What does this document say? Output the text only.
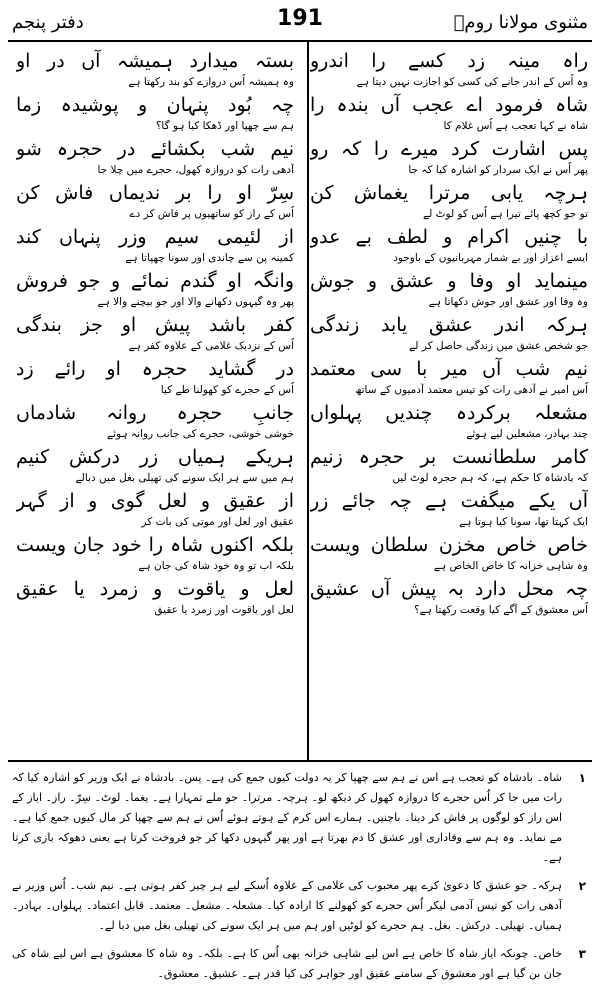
مثنوی مولانا رومؒ
191
دفتر پنجم
راہ مینہ زد کسے را اندرو
وہ اُس کے اندر جانے کی کسی کو اجازت نہیں دیتا ہے
شاہ فرمود اے عجب آں بندہ را
شاہ نے کہا تعجب ہے اُس غلام کا
پس اشارت کرد میرے را کہ رو
پھر اُس نے ایک سردار کو اشارہ کیا کہ جا
ہرچہ یابی مرترا یغماش کن
تو جو کچھ پائے تیرا ہے اُس کو لوٹ لے
با چنیں اکرام و لطف بے عدو
ایسے اعزاز اور بے شمار مہربانیوں کے باوجود
مینماید او وفا و عشق و جوش
وہ وفا اور عشق اور جوش دکھاتا ہے
ہرکہ اندر عشق یابد زندگی
جو شخص عشق میں زندگی حاصل کر لے
نیم شب آں میر با سی معتمد
اُس امیر نے آدھی رات کو تیس معتمد آدمیوں کے ساتھ
مشعلہ برکردہ چندیں پہلواں
چند بہادر، مشعلیں لیے ہوئے
کامر سلطانست بر حجرہ زنیم
کہ بادشاہ کا حکم ہے، کہ ہم حجرہ لوٹ لیں
آں یکے میگفت ہے چہ جائے زر
ایک کہتا تھا، سونا کیا ہوتا ہے
خاص خاص مخزن سلطان ویست
وہ شاہی خزانہ کا خاص الخاص ہے
چہ محل دارد بہ پیش آں عشیق
اُس معشوق کے آگے کیا وقعت رکھتا ہے؟
بستہ میدارد ہمیشہ آں در او
وہ ہمیشہ اُس دروازے کو بند رکھتا ہے
چہ بُود پنہان و پوشیدہ زما
ہم سے چھپا اور ڈھکا کیا ہو گا؟
نیم شب بکشائے در حجرہ شو
آدھی رات کو دروازہ کھول، حجرے میں چلا جا
سِرّ او را بر ندیماں فاش کن
اُس کے راز کو ساتھیوں پر فاش کر دے
از لئیمی سیم وزر پنہاں کند
کمینہ پن سے چاندی اور سونا چھپاتا ہے
وانگہ او گندم نمائے و جو فروش
پھر وہ گیہوں دکھانے والا اور جو بیچنے والا ہے
کفر باشد پیش او جز بندگی
اُس کے نزدیک غلامی کے علاوہ کفر ہے
در گشاید حجرہ او رائے زد
اُس کے حجرے کو کھولنا طے کیا
جانبِ حجرہ روانہ شادماں
خوشی خوشی، حجرے کی جانب روانہ ہوئے
ہریکے ہمیاں زر درکش کنیم
ہم میں سے ہر ایک سونے کی تھیلی بغل میں دبالے
از عقیق و لعل گوی و از گہر
عقیق اور لعل اور موتی کی بات کر
بلکہ اکنوں شاہ را خود جان ویست
بلکہ اب تو وہ خود شاہ کی جان ہے
لعل و یاقوت و زمرد یا عقیق
لعل اور یاقوت اور زمرد یا عقیق
۱
شاہ۔ بادشاہ کو تعجب ہے اس نے ہم سے چھپا کر یہ دولت کیوں جمع کی ہے۔ پس۔ بادشاہ نے ایک وزیر کو اشارہ کیا کہ رات میں جا کر اُس حجرے کا دروازہ کھول کر دیکھ لو۔ ہرچہ۔ مرترا۔ جو ملے تمہارا ہے۔ یغما۔ لوٹ۔ سِرّ۔ راز۔ ایاز کے اس راز کو لوگوں پر فاش کر دینا۔ باچنیں۔ ہمارے اس کرم کے ہوتے ہوئے اُس نے ہم سے چھپا کر مال کیوں جمع کیا ہے۔ مے نماید۔ وہ ہم سے وفاداری اور عشق کا دم بھرتا ہے اور پھر گیہوں دکھا کر جو فروخت کرتا ہے یعنی دھوکہ بازی کرتا ہے۔
۲
ہرکہ۔ جو عشق کا دعویٰ کرے پھر محبوب کی غلامی کے علاوہ اُسکے لیے ہر چیز کفر ہوتی ہے۔ نیم شب۔ اُس وزیر نے آدھی رات کو تیس آدمی لیکر اُس حجرے کو کھولنے کا ارادہ کیا۔ مشعلہ۔ مشعل۔ معتمد۔ قابل اعتماد۔ پہلواں۔ بہادر۔ ہمیاں۔ تھیلی۔ درکش۔ بغل۔ ہم حجرے کو لوٹیں اور ہم میں ہر ایک سونے کی تھیلی بغل میں دبا لے۔
۳
خاص۔ چونکہ ایاز شاہ کا خاص ہے اس لیے شاہی خزانہ بھی اُس کا ہے۔ بلکہ۔ وہ شاہ کا معشوق ہے اس لیے شاہ کی جان بن گیا ہے اور معشوق کے سامنے عقیق اور جواہر کی کیا قدر ہے۔ عشیق۔ معشوق۔
